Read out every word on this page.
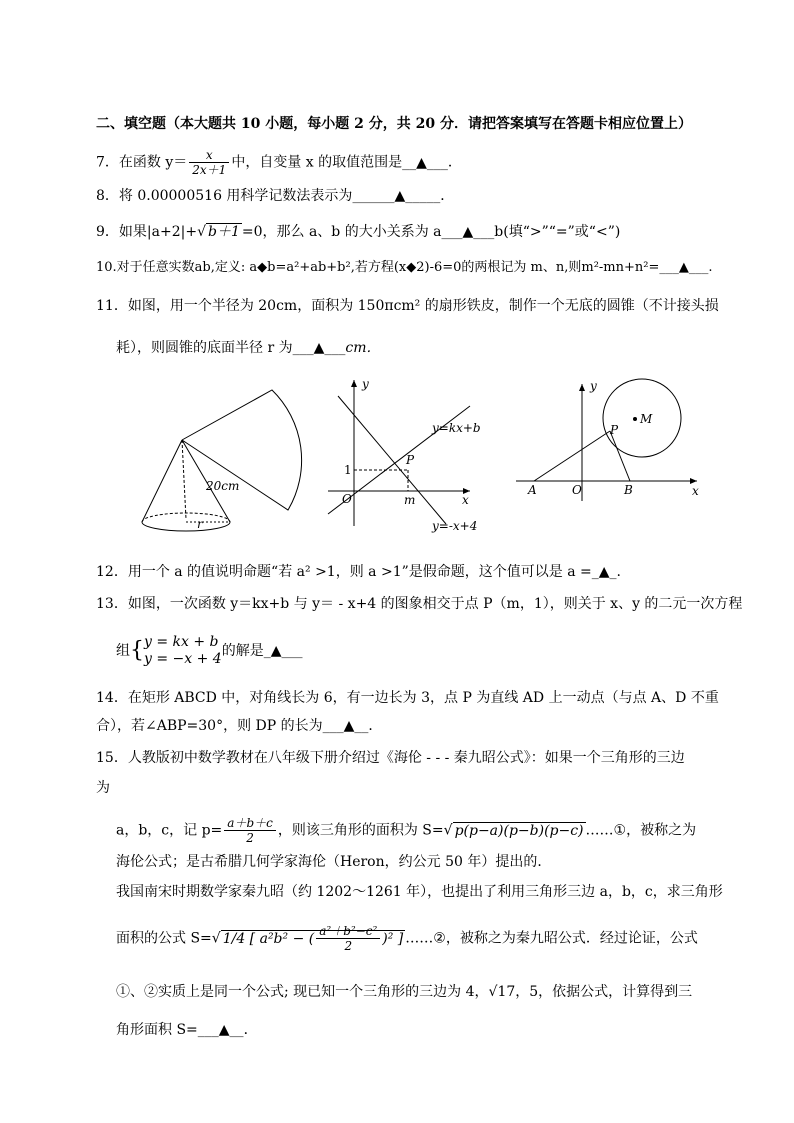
二、填空题（本大题共 10 小题，每小题 2 分，共 20 分．请把答案填写在答题卡相应位置上）
7．在函数 $y= \frac{x}{2x+1}$ 中，自变量 x 的取值范围是__▲___．
8．将 0.00000516 用科学记数法表示为______▲_____．
9．如果|a+2|+√ b＋1 =0，那么 a、b 的大小关系为 a___▲___b(填“>”“=”或“<”)
10.对于任意实数ab,定义: a◆b=a²+ab+b²,若方程(x◆2)-6=0的两根记为 m、n,则m²-mn+n²=___▲___.
11．如图，用一个半径为 20cm，面积为 150πcm² 的扇形铁皮，制作一个无底的圆锥（不计接头损
耗），则圆锥的底面半径 r 为___▲___cm．
20cm
r
y
x
O
P
1
m
y=kx+b
y=-x+4
y
x
O
A	B
P
M
12．用一个 a 的值说明命题“若 a² >1，则 a >1”是假命题，这个值可以是 a =_▲_.
13．如图，一次函数 y＝kx+b 与 y＝ - x+4 的图象相交于点 P（m，1），则关于 x、y 的二元一次方程
组{ y = kx + b
y = −x + 4 的解是_▲___
14．在矩形 ABCD 中，对角线长为 6，有一边长为 3，点 P 为直线 AD 上一动点（与点 A、D 不重
合），若∠ABP=30°，则 DP 的长为___▲__．
15．人教版初中数学教材在八年级下册介绍过《海伦 - - - 秦九昭公式》：如果一个三角形的三边
为
a，b，c，记 $p= \frac{a+b+c}{2}$ ，则该三角形的面积为 S=√ p(p−a)(p−b)(p−c) ……①，被称之为
海伦公式；是古希腊几何学家海伦（Heron，约公元 50 年）提出的．
我国南宋时期数学家秦九昭（约 1202～1261 年），也提出了利用三角形三边 a，b，c，求三角形
面积的公式 S=√ 1/4 [ a²b² − ( $\frac{\text{a²＋b²−c²}}{2} )^2$ ] ……②，被称之为秦九昭公式．经过论证，公式
①、②实质上是同一个公式; 现已知一个三角形的三边为 4，√17，5，依据公式，计算得到三
角形面积 S=___▲__．
